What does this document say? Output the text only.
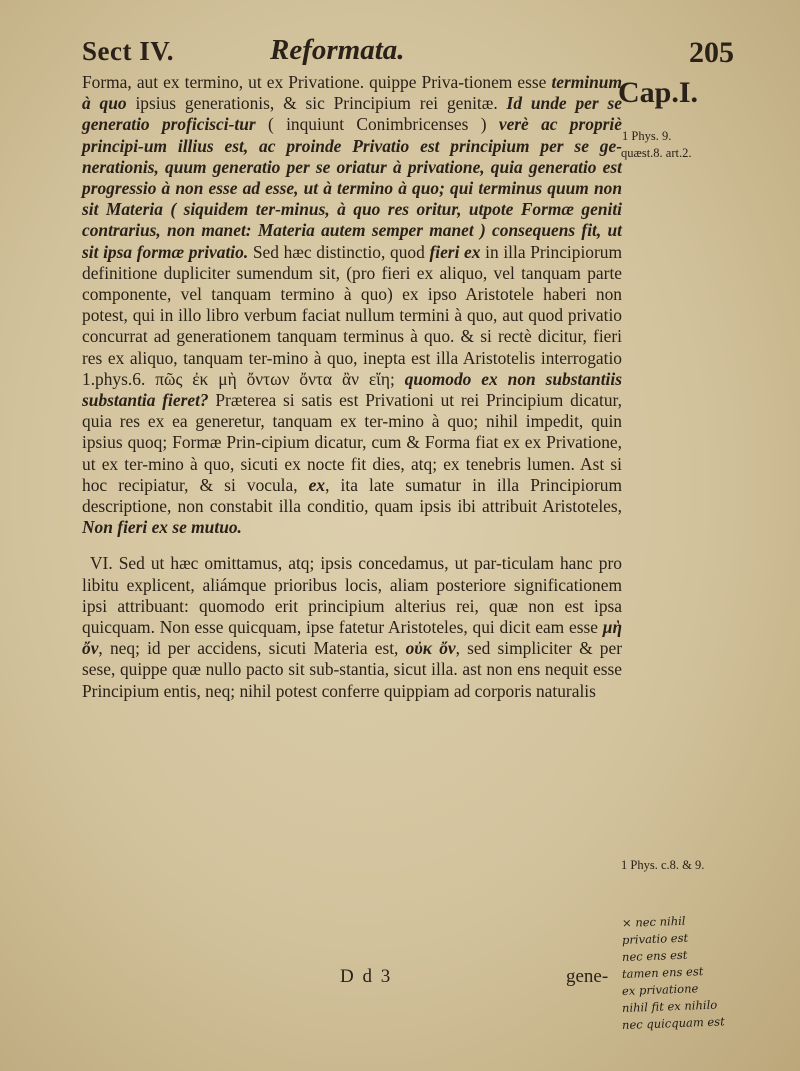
Sect IV.	Reformata.	205
Cap.I.

Forma, aut ex termino, ut ex Privatione. quippe Priva-tionem esse terminum à quo ipsius generationis, & sic Principium rei genitæ. Id unde per se generatio proficisci-tur ( inquiunt Conimbricenses ) verè ac propriè principi-um illius est, ac proinde Privatio est principium per se ge-nerationis, quum generatio per se oriatur à privatione, quia generatio est progressio à non esse ad esse, ut à termino à quo; qui terminus quum non sit Materia ( siquidem ter-minus, à quo res oritur, utpote Formæ geniti contrarius, non manet: Materia autem semper manet ) consequens fit, ut sit ipsa formæ privatio. Sed hæc distinctio, quod fieri ex in illa Principiorum definitione dupliciter sumendum sit, (pro fieri ex aliquo, vel tanquam parte componente, vel tanquam termino à quo) ex ipso Aristotele haberi non potest, qui in illo libro verbum faciat nullum termini à quo, aut quod privatio concurrat ad generationem tanquam terminus à quo. & si rectè dicitur, fieri res ex aliquo, tanquam ter-mino à quo, inepta est illa Aristotelis interrogatio 1.phys.6. πῶς ἐκ μὴ ὄντων ὄντα ἂν εἴη; quomodo ex non substantiis substantia fieret? Præterea si satis est Privationi ut rei Principium dicatur, quia res ex ea generetur, tanquam ex ter-mino à quo; nihil impedit, quin ipsius quoq; Formæ Prin-cipium dicatur, cum & Forma fiat ex ex Privatione, ut ex ter-mino à quo, sicuti ex nocte fit dies, atq; ex tenebris lumen. Ast si hoc recipiatur, & si vocula, ex, ita late sumatur in illa Principiorum descriptione, non constabit illa conditio, quam ipsis ibi attribuit Aristoteles, Non fieri ex se mutuo.

VI. Sed ut hæc omittamus, atq; ipsis concedamus, ut par-ticulam hanc pro libitu explicent, aliámque prioribus locis, aliam posteriore significationem ipsi attribuant: quomodo erit principium alterius rei, quæ non est ipsa quicquam. Non esse quicquam, ipse fatetur Aristoteles, qui dicit eam esse μὴ ὄν, neq; id per accidens, sicuti Materia est, οὐκ ὄν, sed simpliciter & per sese, quippe quæ nullo pacto sit sub-stantia, sicut illa. ast non ens nequit esse Principium entis, neq; nihil potest conferre quippiam ad corporis naturalis

1 Phys. 9.
quæst.8. art.2.
1 Phys. c.8. & 9.
× nec nihil
privatio est
nec ens est
tamen ens est
ex privatione
nihil fit ex nihilo
nec quicquam est
D d 3	gene-
